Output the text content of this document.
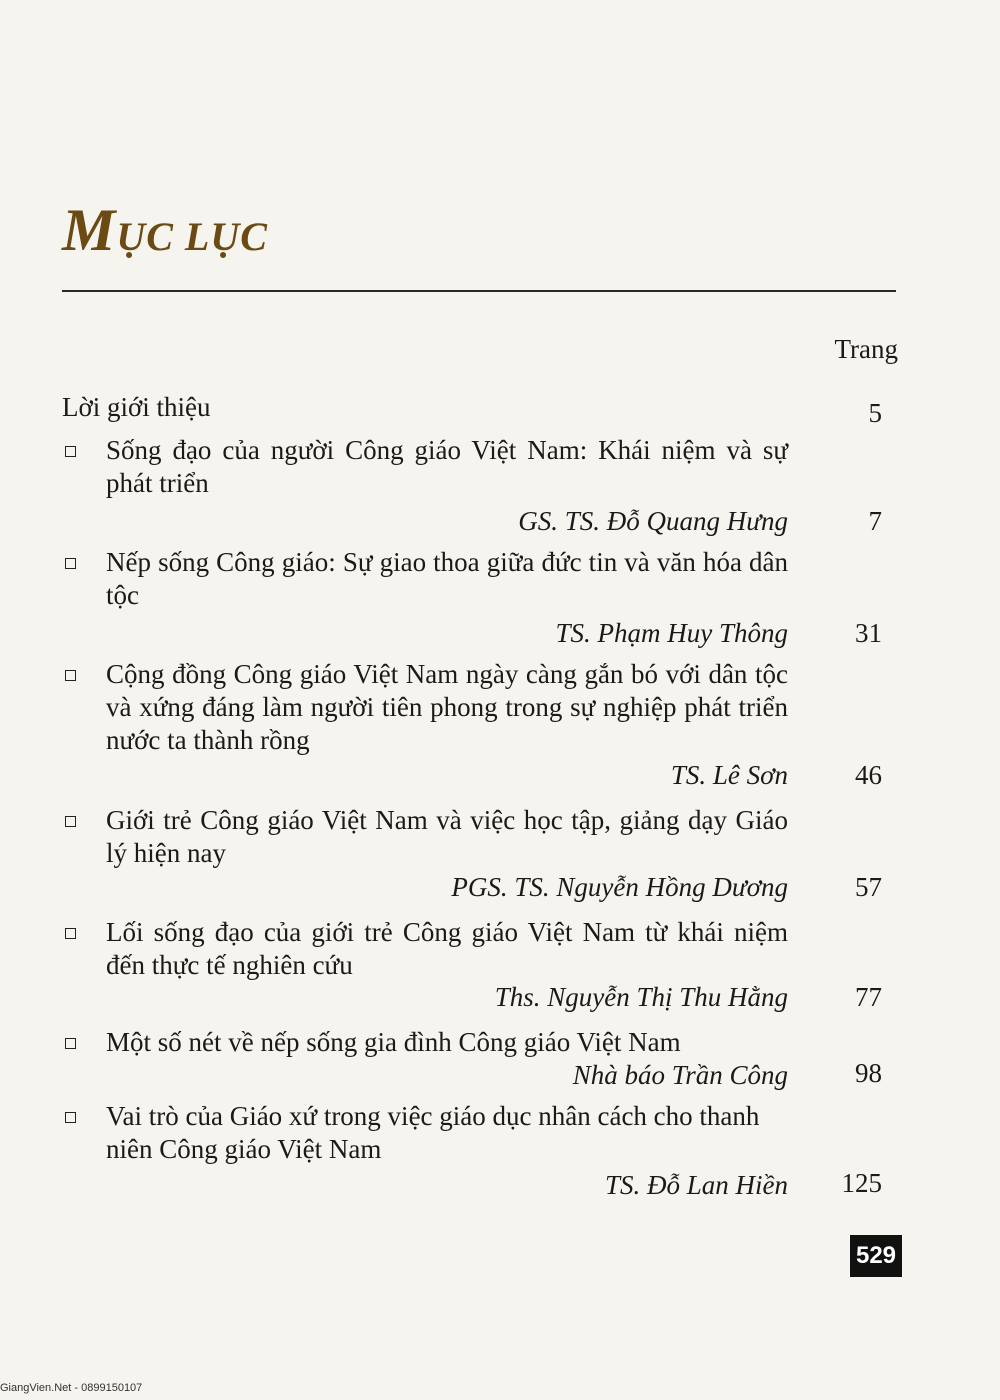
MỤC LỤC
Trang
Lời giới thiệu	5

Sống đạo của người Công giáo Việt Nam: Khái niệm và sự phát triển

GS. TS. Đỗ Quang Hưng	7

Nếp sống Công giáo: Sự giao thoa giữa đức tin và văn hóa dân tộc

TS. Phạm Huy Thông	31

Cộng đồng Công giáo Việt Nam ngày càng gắn bó với dân tộc và xứng đáng làm người tiên phong trong sự nghiệp phát triển nước ta thành rồng

TS. Lê Sơn	46

Giới trẻ Công giáo Việt Nam và việc học tập, giảng dạy Giáo lý hiện nay

PGS. TS. Nguyễn Hồng Dương	57

Lối sống đạo của giới trẻ Công giáo Việt Nam từ khái niệm đến thực tế nghiên cứu

Ths. Nguyễn Thị Thu Hằng	77

Một số nét về nếp sống gia đình Công giáo Việt Nam

Nhà báo Trần Công	98

Vai trò của Giáo xứ trong việc giáo dục nhân cách cho thanh niên Công giáo Việt Nam

TS. Đỗ Lan Hiền	125
529
GiangVien.Net - 0899150107
